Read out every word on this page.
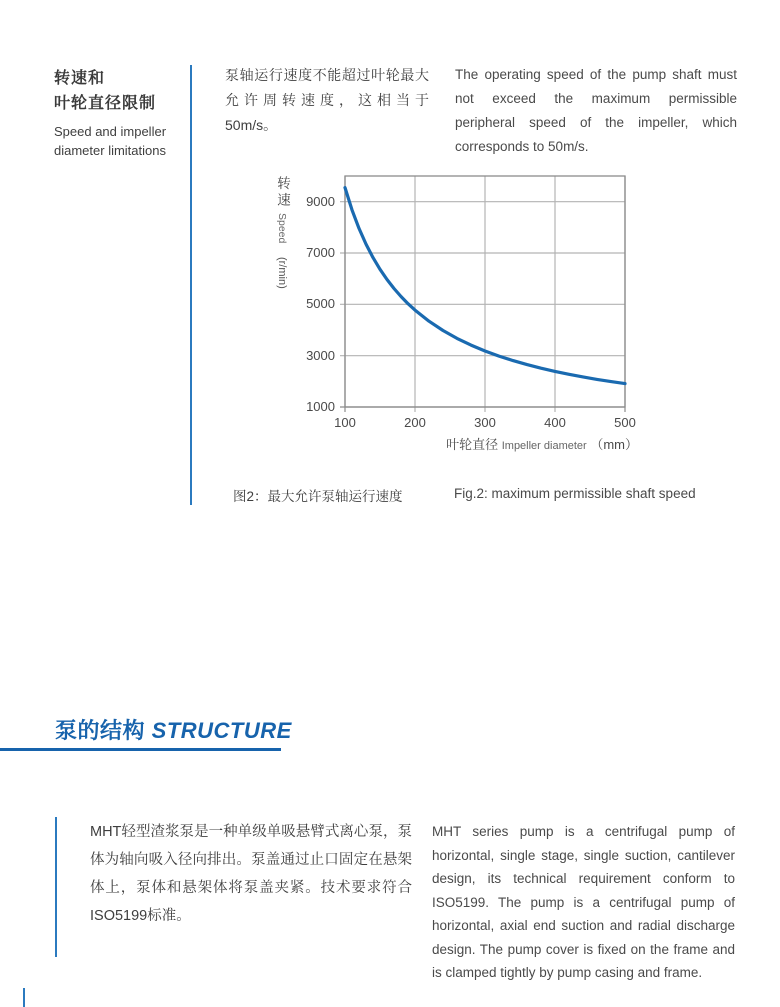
转速和
叶轮直径限制
Speed and impeller diameter limitations
泵轴运行速度不能超过叶轮最大允许周转速度，这相当于50m/s。
The operating speed of the pump shaft must not exceed the maximum permissible peripheral speed of the impeller, which corresponds to 50m/s.
转速Speed(r/min)
1000
3000
5000
7000
9000
100	200	300	400	500
叶轮直径 Impeller diameter （mm）
图2：最大允许泵轴运行速度	Fig.2: maximum permissible shaft speed
泵的结构 STRUCTURE
MHT轻型渣浆泵是一种单级单吸悬臂式离心泵，泵体为轴向吸入径向排出。泵盖通过止口固定在悬架体上，泵体和悬架体将泵盖夹紧。技术要求符合ISO5199标准。
MHT series pump is a centrifugal pump of horizontal, single stage, single suction, cantilever design, its technical requirement conform to ISO5199. The pump is a centrifugal pump of horizontal, axial end suction and radial discharge design. The pump cover is fixed on the frame and is clamped tightly by pump casing and frame.
